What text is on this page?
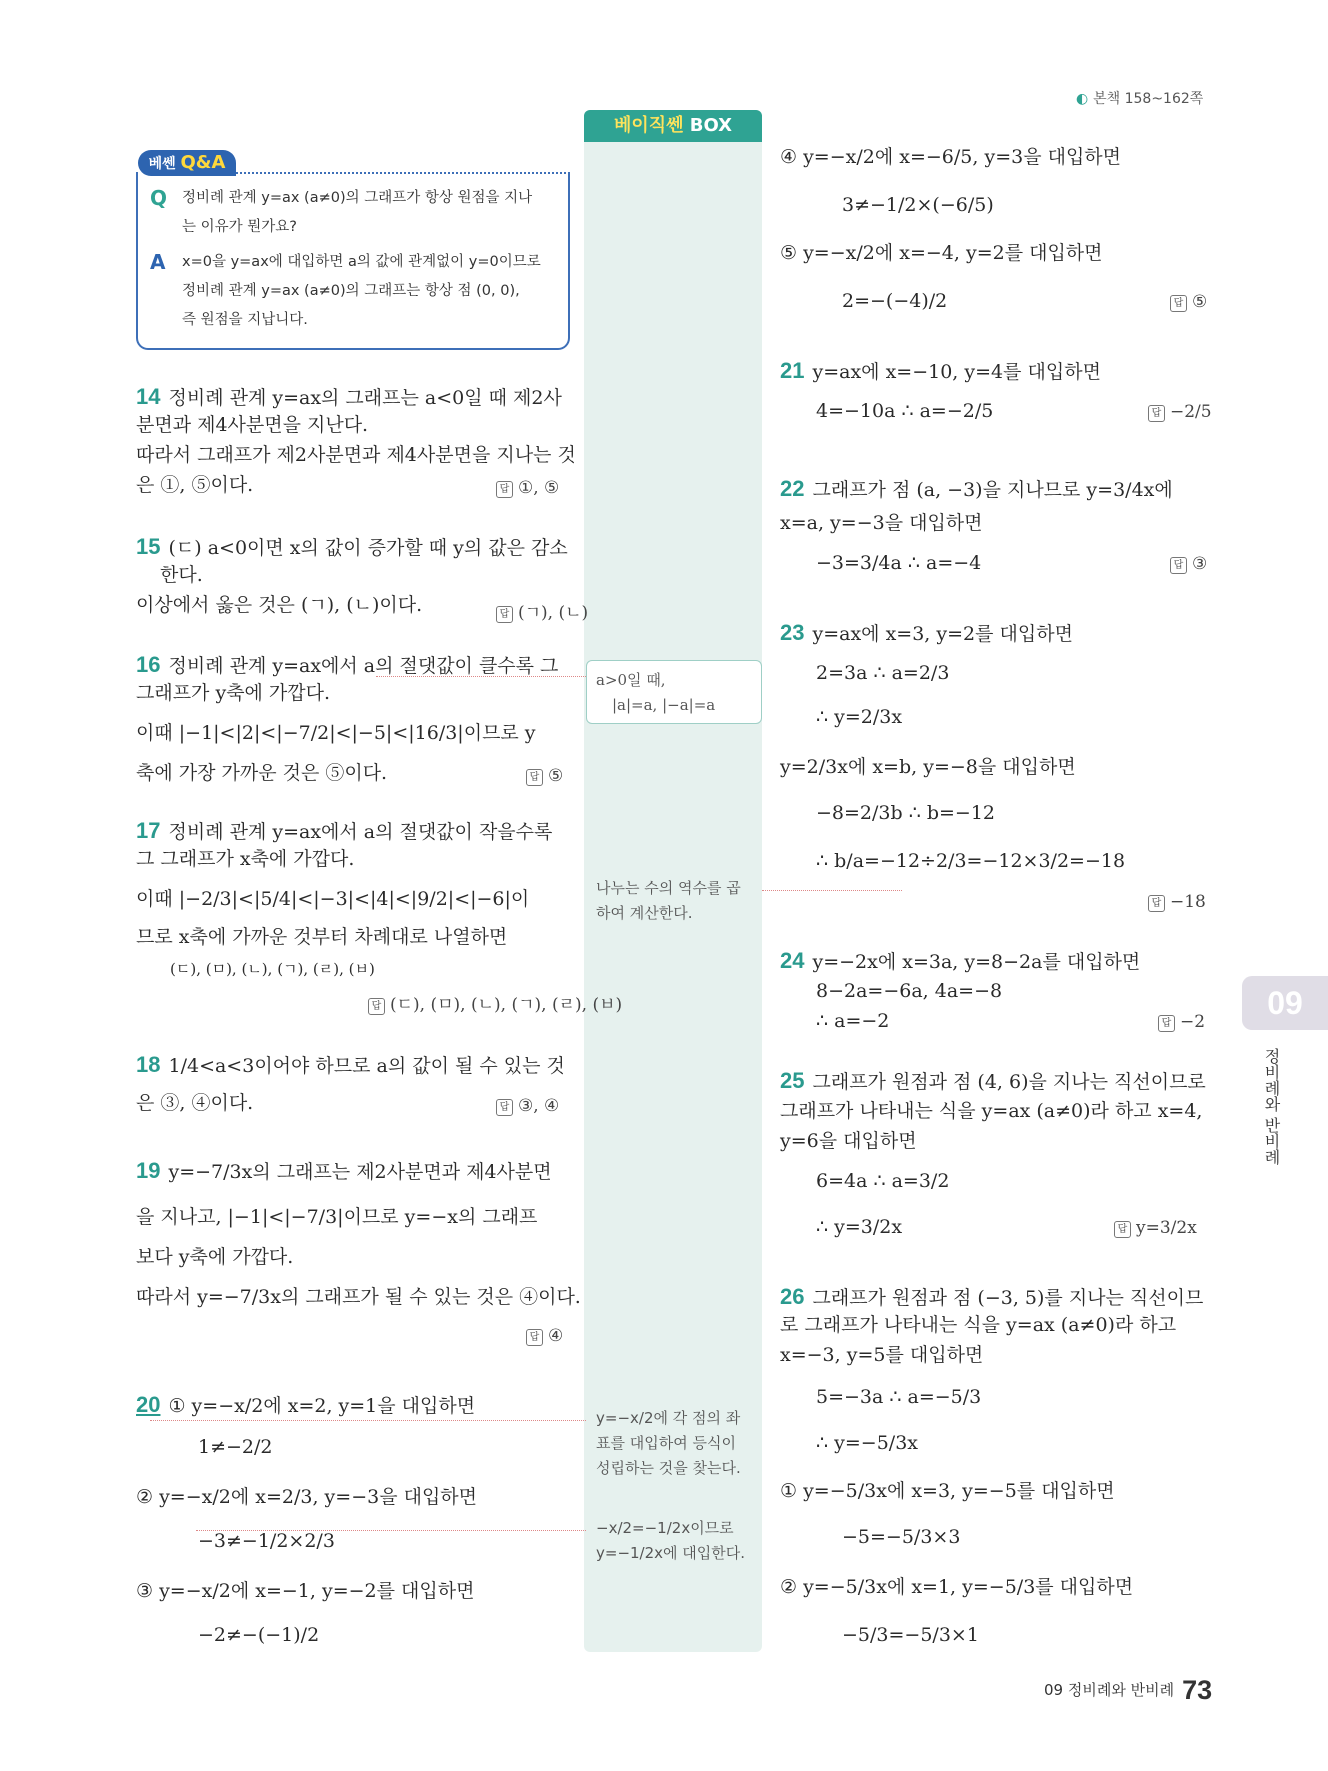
◐ 본책 158~162쪽
베이직쎈 BOX
베쎈 Q&A
Q 정비례 관계 y=ax (a≠0)의 그래프가 항상 원점을 지나
는 이유가 뭔가요?
A x=0을 y=ax에 대입하면 a의 값에 관계없이 y=0이므로
정비례 관계 y=ax (a≠0)의 그래프는 항상 점 (0, 0),
즉 원점을 지납니다.
14 정비례 관계 y=ax의 그래프는 a<0일 때 제2사
분면과 제4사분면을 지난다.
따라서 그래프가 제2사분면과 제4사분면을 지나는 것
은 ①, ⑤이다.	답 ①, ⑤
15 (ㄷ) a<0이면 x의 값이 증가할 때 y의 값은 감소
한다.
이상에서 옳은 것은 (ㄱ), (ㄴ)이다.	답 (ㄱ), (ㄴ)
16 정비례 관계 y=ax에서 a의 절댓값이 클수록 그
그래프가 y축에 가깝다.
이때 |−1|<|2|<|−7/2|<|−5|<|16/3|이므로 y
축에 가장 가까운 것은 ⑤이다.	답 ⑤
17 정비례 관계 y=ax에서 a의 절댓값이 작을수록
그 그래프가 x축에 가깝다.
이때 |−2/3|<|5/4|<|−3|<|4|<|9/2|<|−6|이
므로 x축에 가까운 것부터 차례대로 나열하면
(ㄷ), (ㅁ), (ㄴ), (ㄱ), (ㄹ), (ㅂ)
답 (ㄷ), (ㅁ), (ㄴ), (ㄱ), (ㄹ), (ㅂ)
18 1/4<a<3이어야 하므로 a의 값이 될 수 있는 것
은 ③, ④이다.	답 ③, ④
19 y=−7/3x의 그래프는 제2사분면과 제4사분면
을 지나고, |−1|<|−7/3|이므로 y=−x의 그래프
보다 y축에 가깝다.
따라서 y=−7/3x의 그래프가 될 수 있는 것은 ④이다.
답 ④
20 ① y=−x/2에 x=2, y=1을 대입하면
1≠−2/2
② y=−x/2에 x=2/3, y=−3을 대입하면
−3≠−1/2×2/3
③ y=−x/2에 x=−1, y=−2를 대입하면
−2≠−(−1)/2
a>0일 때,
|a|=a, |−a|=a
나누는 수의 역수를 곱
하여 계산한다.
y=−x/2에 각 점의 좌
표를 대입하여 등식이
성립하는 것을 찾는다.
−x/2=−1/2x이므로
y=−1/2x에 대입한다.
④ y=−x/2에 x=−6/5, y=3을 대입하면
3≠−1/2×(−6/5)
⑤ y=−x/2에 x=−4, y=2를 대입하면
2=−(−4)/2	답 ⑤
21 y=ax에 x=−10, y=4를 대입하면
4=−10a ∴ a=−2/5	답 −2/5
22 그래프가 점 (a, −3)을 지나므로 y=3/4x에
x=a, y=−3을 대입하면
−3=3/4a ∴ a=−4	답 ③
23 y=ax에 x=3, y=2를 대입하면
2=3a ∴ a=2/3
∴ y=2/3x
y=2/3x에 x=b, y=−8을 대입하면
−8=2/3b ∴ b=−12
∴ b/a=−12÷2/3=−12×3/2=−18
답 −18
24 y=−2x에 x=3a, y=8−2a를 대입하면
8−2a=−6a, 4a=−8
∴ a=−2	답 −2
25 그래프가 원점과 점 (4, 6)을 지나는 직선이므로
그래프가 나타내는 식을 y=ax (a≠0)라 하고 x=4,
y=6을 대입하면
6=4a ∴ a=3/2
∴ y=3/2x	답 y=3/2x
26 그래프가 원점과 점 (−3, 5)를 지나는 직선이므
로 그래프가 나타내는 식을 y=ax (a≠0)라 하고
x=−3, y=5를 대입하면
5=−3a ∴ a=−5/3
∴ y=−5/3x
① y=−5/3x에 x=3, y=−5를 대입하면
−5=−5/3×3
② y=−5/3x에 x=1, y=−5/3를 대입하면
−5/3=−5/3×1
09
정비례와 반비례
09 정비례와 반비례 73
